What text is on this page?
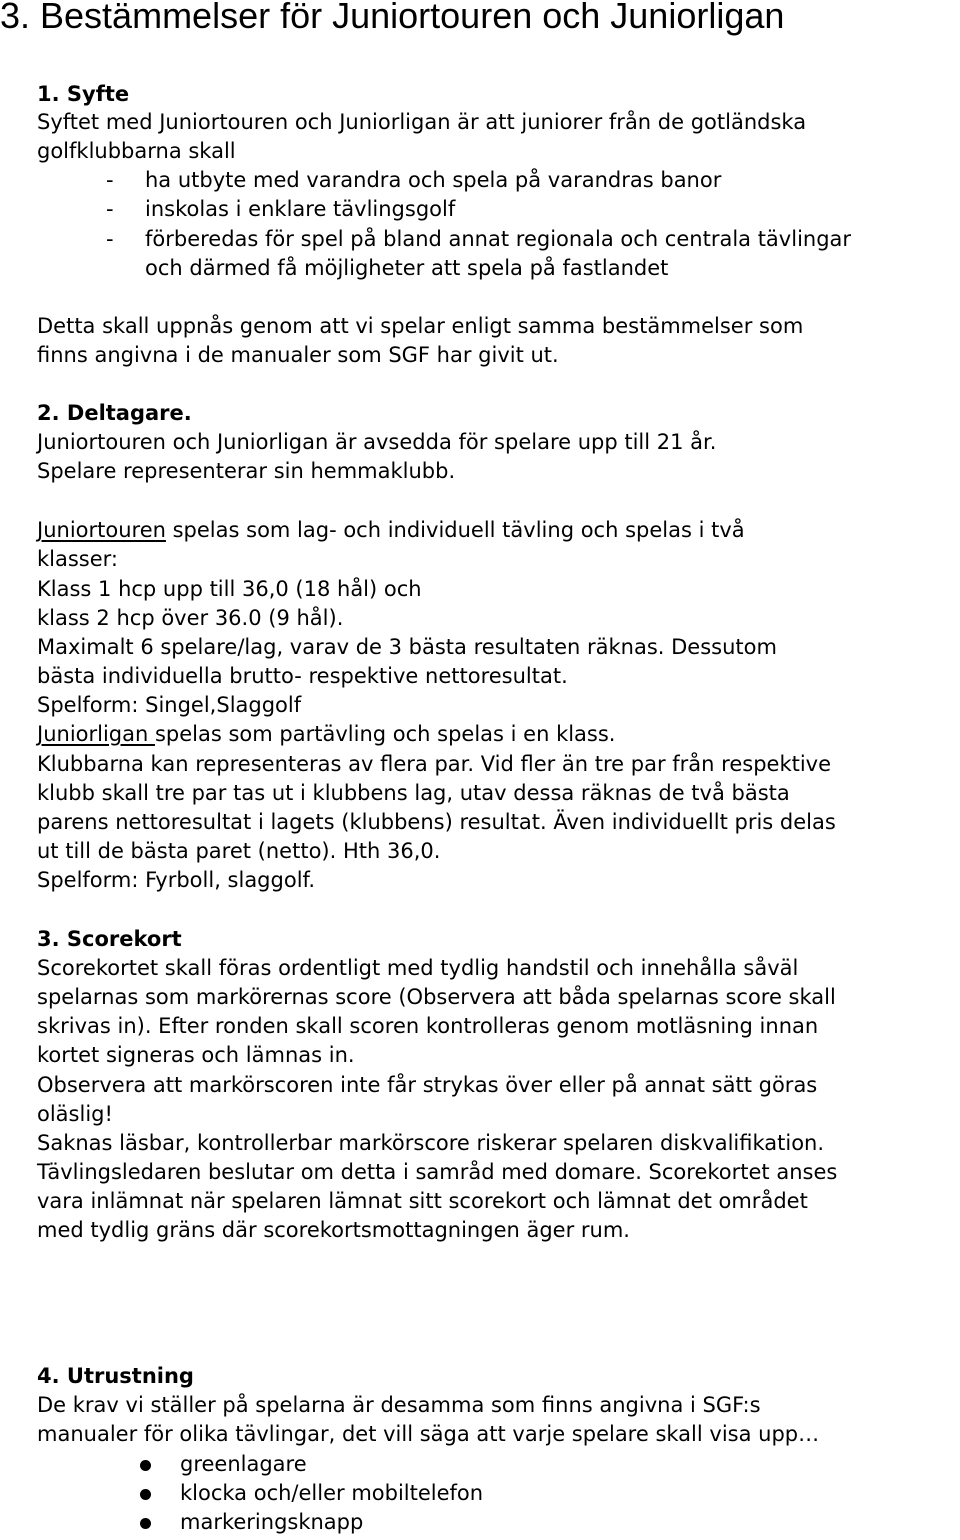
3. Bestämmelser för Juniortouren och Juniorligan

1. Syfte

Syftet med Juniortouren och Juniorligan är att juniorer från de gotländska

golfklubbarna skall

- ha utbyte med varandra och spela på varandras banor

- inskolas i enklare tävlingsgolf

- förberedas för spel på bland annat regionala och centrala tävlingar

och därmed få möjligheter att spela på fastlandet

Detta skall uppnås genom att vi spelar enligt samma bestämmelser som

finns angivna i de manualer som SGF har givit ut.

2. Deltagare.

Juniortouren och Juniorligan är avsedda för spelare upp till 21 år.

Spelare representerar sin hemmaklubb.

Juniortouren spelas som lag- och individuell tävling och spelas i två

klasser:

Klass 1 hcp upp till 36,0 (18 hål) och

klass 2 hcp över 36.0 (9 hål).

Maximalt 6 spelare/lag, varav de 3 bästa resultaten räknas. Dessutom

bästa individuella brutto- respektive nettoresultat.

Spelform: Singel,Slaggolf

Juniorligan spelas som partävling och spelas i en klass.

Klubbarna kan representeras av flera par. Vid fler än tre par från respektive

klubb skall tre par tas ut i klubbens lag, utav dessa räknas de två bästa

parens nettoresultat i lagets (klubbens) resultat. Även individuellt pris delas

ut till de bästa paret (netto). Hth 36,0.

Spelform: Fyrboll, slaggolf.

3. Scorekort

Scorekortet skall föras ordentligt med tydlig handstil och innehålla såväl

spelarnas som markörernas score (Observera att båda spelarnas score skall

skrivas in). Efter ronden skall scoren kontrolleras genom motläsning innan

kortet signeras och lämnas in.

Observera att markörscoren inte får strykas över eller på annat sätt göras

oläslig!

Saknas läsbar, kontrollerbar markörscore riskerar spelaren diskvalifikation.

Tävlingsledaren beslutar om detta i samråd med domare. Scorekortet anses

vara inlämnat när spelaren lämnat sitt scorekort och lämnat det området

med tydlig gräns där scorekortsmottagningen äger rum.

4. Utrustning

De krav vi ställer på spelarna är desamma som finns angivna i SGF:s

manualer för olika tävlingar, det vill säga att varje spelare skall visa upp…

greenlagare

klocka och/eller mobiltelefon

markeringsknapp
